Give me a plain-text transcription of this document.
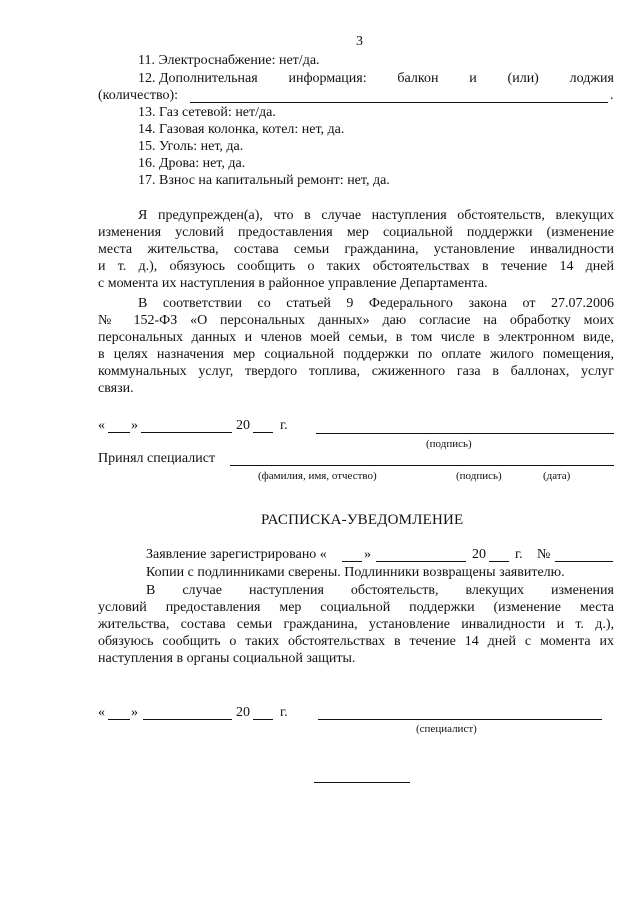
3
11. Электроснабжение: нет/да.
12. Дополнительная информация: балкон и (или) лоджия
(количество):	.
13. Газ сетевой: нет/да.
14. Газовая колонка, котел: нет, да.
15. Уголь: нет, да.
16. Дрова: нет, да.
17. Взнос на капитальный ремонт: нет, да.
Я предупрежден(а), что в случае наступления обстоятельств, влекущих
изменения условий предоставления мер социальной поддержки (изменение
места жительства, состава семьи гражданина, установление инвалидности
и т. д.), обязуюсь сообщить о таких обстоятельствах в течение 14 дней
с момента их наступления в районное управление Департамента.
В соответствии со статьей 9 Федерального закона от 27.07.2006
№ 152-ФЗ «О персональных данных» даю согласие на обработку моих
персональных данных и членов моей семьи, в том числе в электронном виде,
в целях назначения мер социальной поддержки по оплате жилого помещения,
коммунальных услуг, твердого топлива, сжиженного газа в баллонах, услуг
связи.
« »	20 г.
(подпись)
Принял специалист
(фамилия, имя, отчество)	(подпись)	(дата)
РАСПИСКА-УВЕДОМЛЕНИЕ
Заявление зарегистрировано «	»	20 г. №
Копии с подлинниками сверены. Подлинники возвращены заявителю.
В случае наступления обстоятельств, влекущих изменения
условий предоставления мер социальной поддержки (изменение места
жительства, состава семьи гражданина, установление инвалидности и т. д.),
обязуюсь сообщить о таких обстоятельствах в течение 14 дней с момента их
наступления в органы социальной защиты.
« »	20 г.
(специалист)
